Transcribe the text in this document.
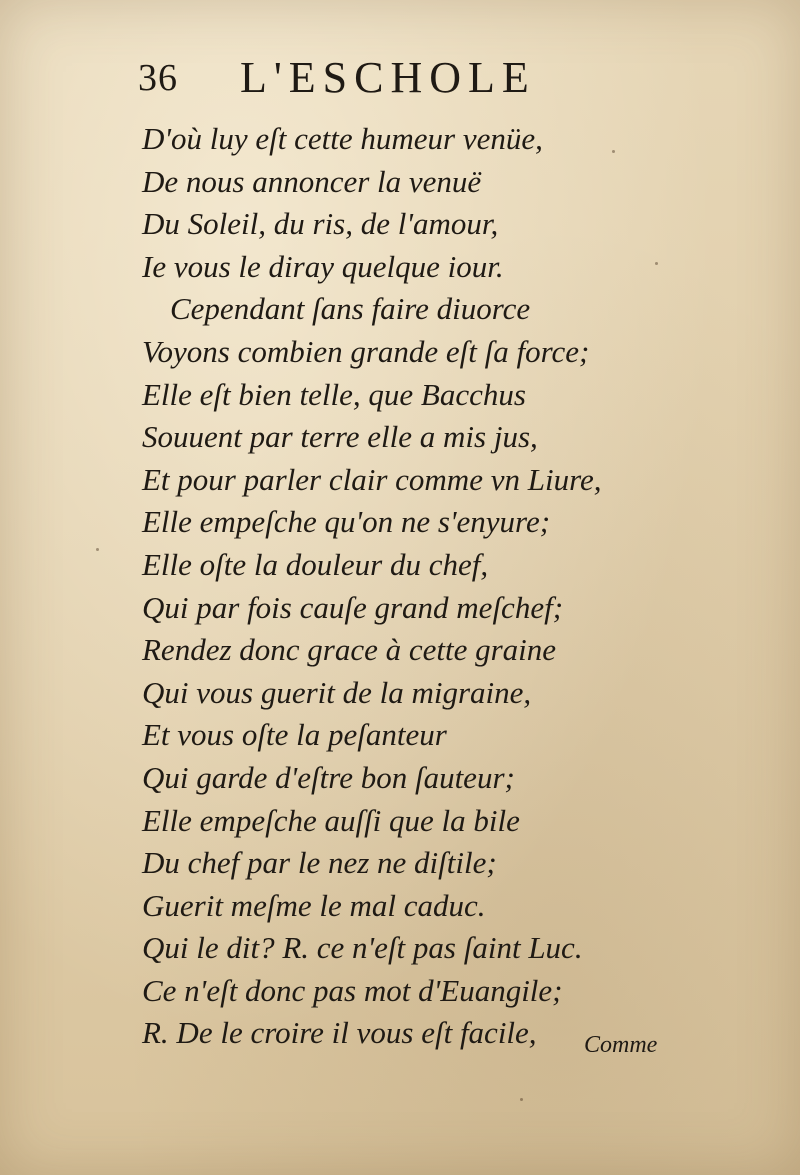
36 L'ESCHOLE
D'où luy eſt cette humeur venüe,
De nous annoncer la venuë
Du Soleil, du ris, de l'amour,
Ie vous le diray quelque iour.
Cependant ſans faire diuorce
Voyons combien grande eſt ſa force;
Elle eſt bien telle, que Bacchus
Souuent par terre elle a mis jus,
Et pour parler clair comme vn Liure,
Elle empeſche qu'on ne s'enyure;
Elle oſte la douleur du chef,
Qui par fois cauſe grand meſchef;
Rendez donc grace à cette graine
Qui vous guerit de la migraine,
Et vous oſte la peſanteur
Qui garde d'eſtre bon ſauteur;
Elle empeſche auſſi que la bile
Du chef par le nez ne diſtile;
Guerit meſme le mal caduc.
Qui le dit? R. ce n'eſt pas ſaint Luc.
Ce n'eſt donc pas mot d'Euangile;
R. De le croire il vous eſt facile,	Comme
